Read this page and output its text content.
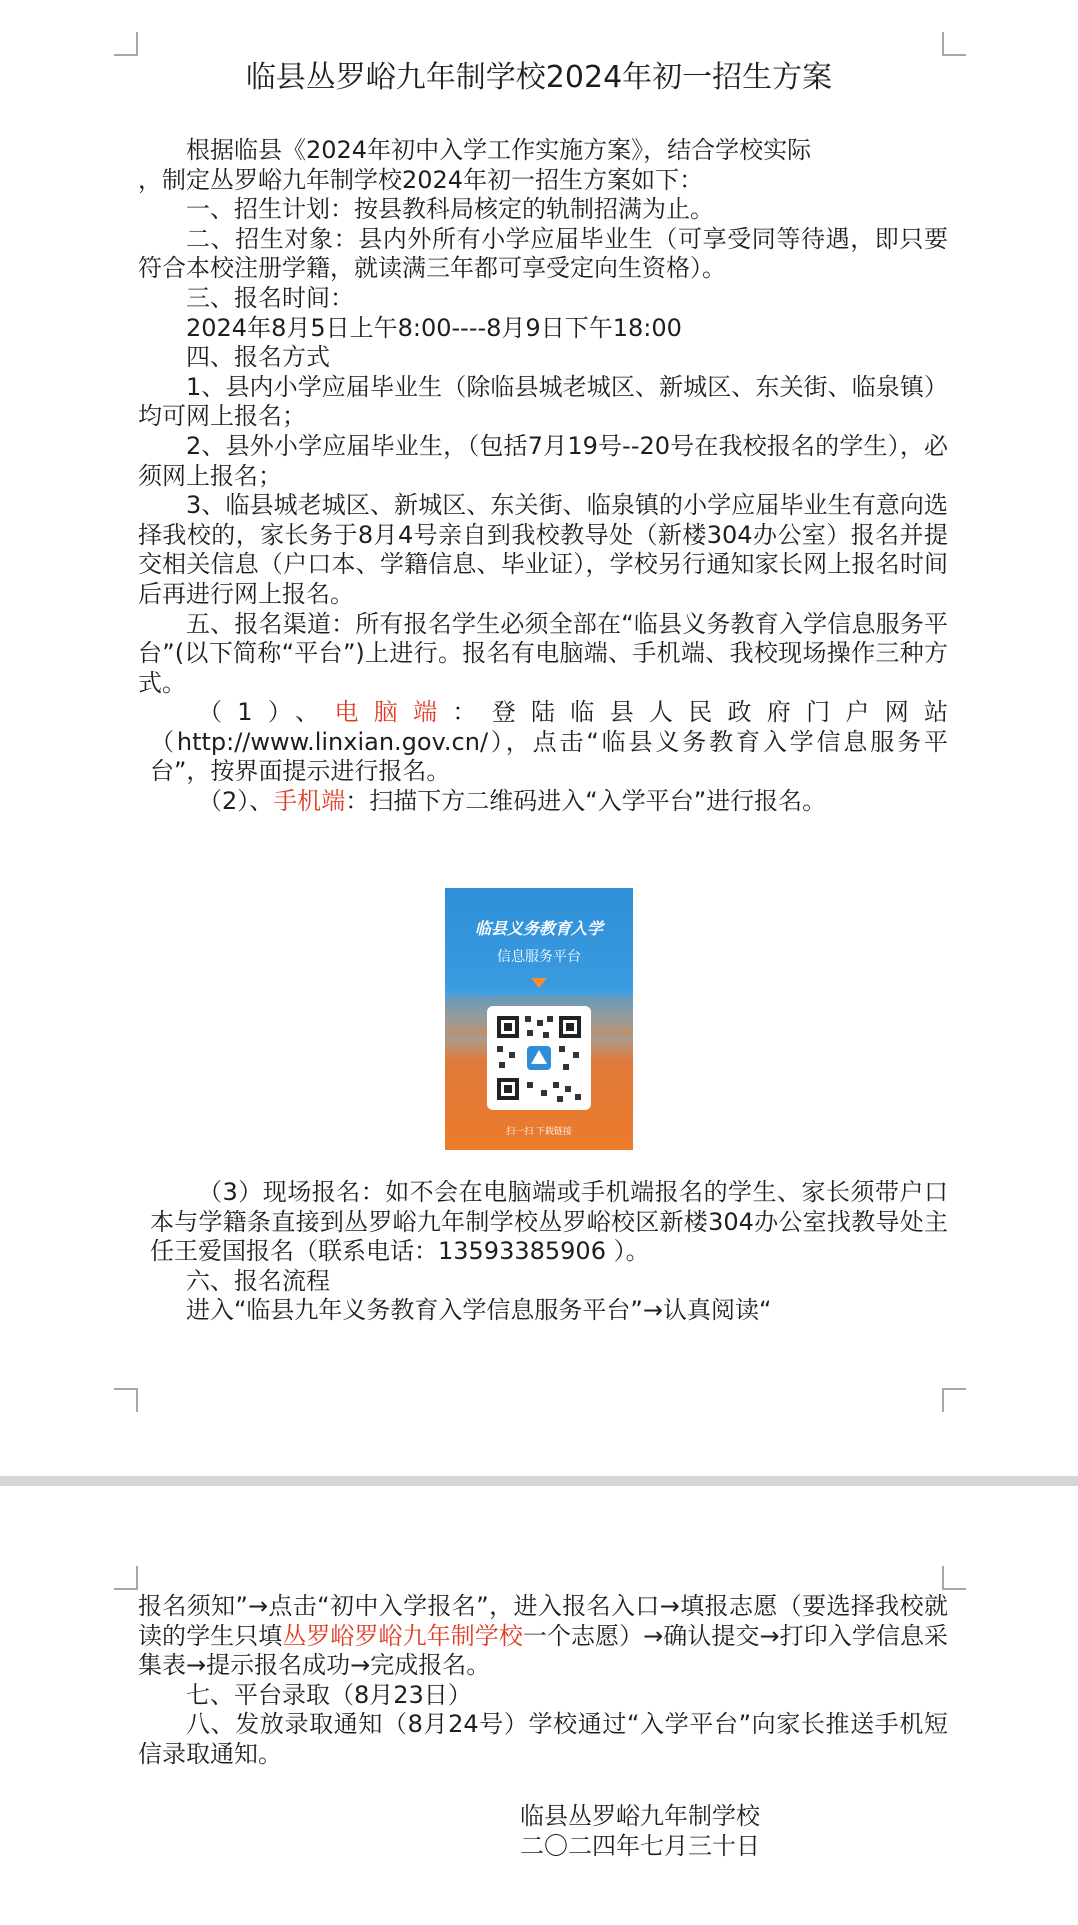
临县丛罗峪九年制学校2024年初一招生方案

根据临县《2024年初中入学工作实施方案》，结合学校实际

，制定丛罗峪九年制学校2024年初一招生方案如下：

一、招生计划：按县教科局核定的轨制招满为止。

二、招生对象：县内外所有小学应届毕业生（可享受同等待遇，即只要符合本校注册学籍，就读满三年都可享受定向生资格）。

三、报名时间：

2024年8月5日上午8:00----8月9日下午18:00

四、报名方式

1、县内小学应届毕业生（除临县城老城区、新城区、东关街、临泉镇）均可网上报名；

2、县外小学应届毕业生，（包括7月19号--20号在我校报名的学生），必须网上报名；

3、临县城老城区、新城区、东关街、临泉镇的小学应届毕业生有意向选择我校的，家长务于8月4号亲自到我校教导处（新楼304办公室）报名并提交相关信息（户口本、学籍信息、毕业证），学校另行通知家长网上报名时间后再进行网上报名。

五、报名渠道：所有报名学生必须全部在“临县义务教育入学信息服务平台”(以下简称“平台”)上进行。报名有电脑端、手机端、我校现场操作三种方式。

（1）、电脑端：登陆临县人民政府门户网站（http://www.linxian.gov.cn/），点击“临县义务教育入学信息服务平台”，按界面提示进行报名。

（2）、手机端：扫描下方二维码进入“入学平台”进行报名。

临县义务教育入学
信息服务平台
扫一扫 下载链接

（3）现场报名：如不会在电脑端或手机端报名的学生、家长须带户口本与学籍条直接到丛罗峪九年制学校丛罗峪校区新楼304办公室找教导处主任王爱国报名（联系电话：13593385906 ）。

六、报名流程

进入“临县九年义务教育入学信息服务平台”→认真阅读“

报名须知”→点击“初中入学报名”，进入报名入口→填报志愿（要选择我校就读的学生只填丛罗峪罗峪九年制学校一个志愿）→确认提交→打印入学信息采集表→提示报名成功→完成报名。

七、平台录取（8月23日）

八、发放录取通知（8月24号）学校通过“入学平台”向家长推送手机短信录取通知。

临县丛罗峪九年制学校
二〇二四年七月三十日
